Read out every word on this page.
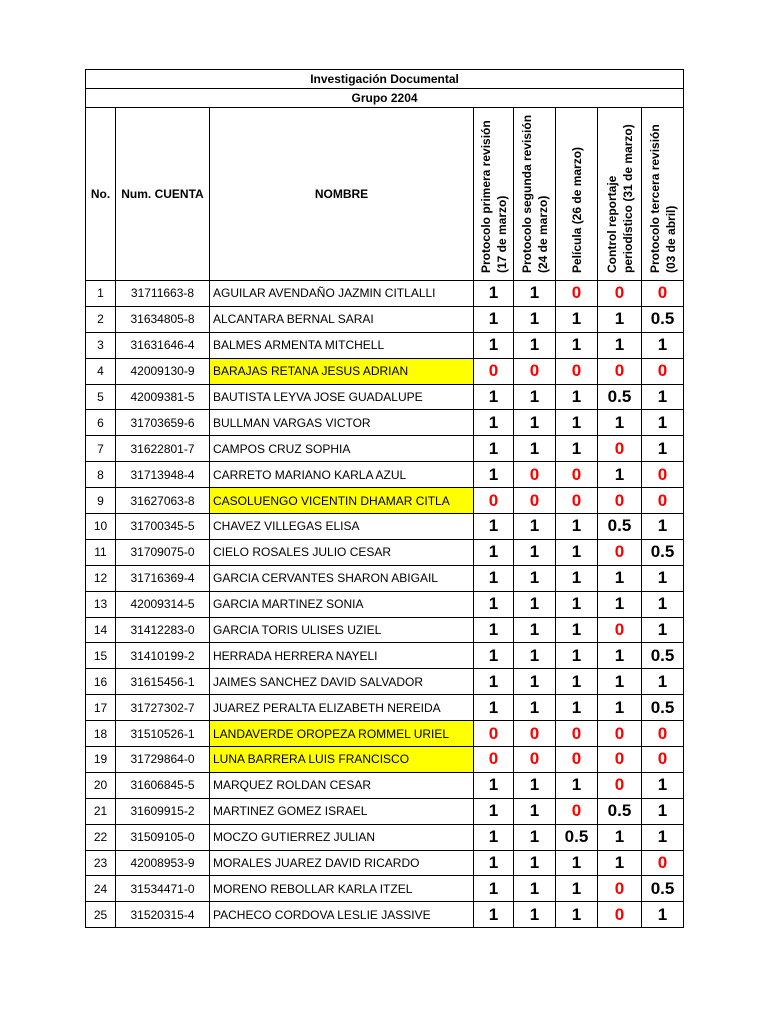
Investigación Documental							
Grupo 2204							
No.	Num. CUENTA	NOMBRE	Protocolo primera revisión (17 de marzo)	Protocolo segunda revisión (24 de marzo)	Película (26 de marzo)	Control reportaje periodístico (31 de marzo)	Protocolo tercera revisión (03 de abril)
1	31711663-8	AGUILAR AVENDAÑO JAZMIN CITLALLI	1	1	0	0	0
2	31634805-8	ALCANTARA BERNAL SARAI	1	1	1	1	0.5
3	31631646-4	BALMES ARMENTA MITCHELL	1	1	1	1	1
4	42009130-9	BARAJAS RETANA JESUS ADRIAN	0	0	0	0	0
5	42009381-5	BAUTISTA LEYVA JOSE GUADALUPE	1	1	1	0.5	1
6	31703659-6	BULLMAN VARGAS VICTOR	1	1	1	1	1
7	31622801-7	CAMPOS CRUZ SOPHIA	1	1	1	0	1
8	31713948-4	CARRETO MARIANO KARLA AZUL	1	0	0	1	0
9	31627063-8	CASOLUENGO VICENTIN DHAMAR CITLA	0	0	0	0	0
10	31700345-5	CHAVEZ VILLEGAS ELISA	1	1	1	0.5	1
11	31709075-0	CIELO ROSALES JULIO CESAR	1	1	1	0	0.5
12	31716369-4	GARCIA CERVANTES SHARON ABIGAIL	1	1	1	1	1
13	42009314-5	GARCIA MARTINEZ SONIA	1	1	1	1	1
14	31412283-0	GARCIA TORIS ULISES UZIEL	1	1	1	0	1
15	31410199-2	HERRADA HERRERA NAYELI	1	1	1	1	0.5
16	31615456-1	JAIMES SANCHEZ DAVID SALVADOR	1	1	1	1	1
17	31727302-7	JUAREZ PERALTA ELIZABETH NEREIDA	1	1	1	1	0.5
18	31510526-1	LANDAVERDE OROPEZA ROMMEL URIEL	0	0	0	0	0
19	31729864-0	LUNA BARRERA LUIS FRANCISCO	0	0	0	0	0
20	31606845-5	MARQUEZ ROLDAN CESAR	1	1	1	0	1
21	31609915-2	MARTINEZ GOMEZ ISRAEL	1	1	0	0.5	1
22	31509105-0	MOCZO GUTIERREZ JULIAN	1	1	0.5	1	1
23	42008953-9	MORALES JUAREZ DAVID RICARDO	1	1	1	1	0
24	31534471-0	MORENO REBOLLAR KARLA ITZEL	1	1	1	0	0.5
25	31520315-4	PACHECO CORDOVA LESLIE JASSIVE	1	1	1	0	1
